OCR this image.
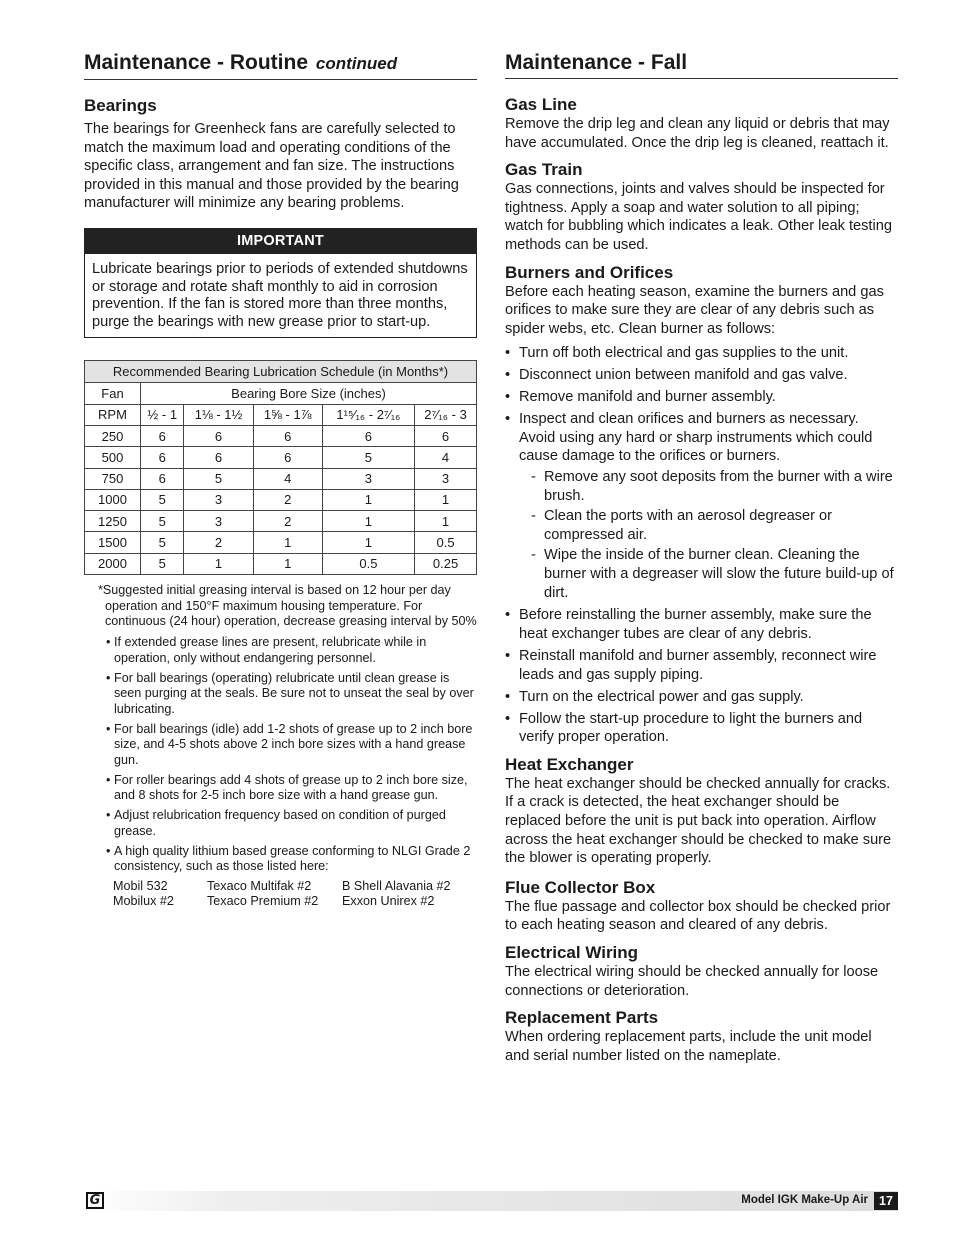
Maintenance - Routine continued
Bearings

The bearings for Greenheck fans are carefully selected to match the maximum load and operating conditions of the specific class, arrangement and fan size. The instructions provided in this manual and those provided by the bearing manufacturer will minimize any bearing problems.

IMPORTANT
Lubricate bearings prior to periods of extended shutdowns or storage and rotate shaft monthly to aid in corrosion prevention. If the fan is stored more than three months, purge the bearings with new grease prior to start-up.
Recommended Bearing Lubrication Schedule (in Months*)					
Fan	Bearing Bore Size (inches)				
RPM	½ - 1	1⅛ - 1½	1⅝ - 1⅞	1¹⁵⁄₁₆ - 2⁷⁄₁₆	2⁷⁄₁₆ - 3
250	6	6	6	6	6
500	6	6	6	5	4
750	6	5	4	3	3
1000	5	3	2	1	1
1250	5	3	2	1	1
1500	5	2	1	1	0.5
2000	5	1	1	0.5	0.25
*Suggested initial greasing interval is based on 12 hour per day operation and 150°F maximum housing temperature. For continuous (24 hour) operation, decrease greasing interval by 50%
• If extended grease lines are present, relubricate while in operation, only without endangering personnel.
• For ball bearings (operating) relubricate until clean grease is seen purging at the seals. Be sure not to unseat the seal by over lubricating.
• For ball bearings (idle) add 1-2 shots of grease up to 2 inch bore size, and 4-5 shots above 2 inch bore sizes with a hand grease gun.
• For roller bearings add 4 shots of grease up to 2 inch bore size, and 8 shots for 2-5 inch bore size with a hand grease gun.
• Adjust relubrication frequency based on condition of purged grease.
• A high quality lithium based grease conforming to NLGI Grade 2 consistency, such as those listed here:
Mobil 532	Texaco Multifak #2	B Shell Alavania #2
Mobilux #2	Texaco Premium #2	Exxon Unirex #2
Maintenance - Fall
Gas Line

Remove the drip leg and clean any liquid or debris that may have accumulated. Once the drip leg is cleaned, reattach it.

Gas Train

Gas connections, joints and valves should be inspected for tightness. Apply a soap and water solution to all piping; watch for bubbling which indicates a leak. Other leak testing methods can be used.

Burners and Orifices

Before each heating season, examine the burners and gas orifices to make sure they are clear of any debris such as spider webs, etc. Clean burner as follows:

• Turn off both electrical and gas supplies to the unit.
• Disconnect union between manifold and gas valve.
• Remove manifold and burner assembly.
• Inspect and clean orifices and burners as necessary. Avoid using any hard or sharp instruments which could cause damage to the orifices or burners.
- Remove any soot deposits from the burner with a wire brush.
- Clean the ports with an aerosol degreaser or compressed air.
- Wipe the inside of the burner clean. Cleaning the burner with a degreaser will slow the future build-up of dirt.
• Before reinstalling the burner assembly, make sure the heat exchanger tubes are clear of any debris.
• Reinstall manifold and burner assembly, reconnect wire leads and gas supply piping.
• Turn on the electrical power and gas supply.
• Follow the start-up procedure to light the burners and verify proper operation.
Heat Exchanger

The heat exchanger should be checked annually for cracks. If a crack is detected, the heat exchanger should be replaced before the unit is put back into operation. Airflow across the heat exchanger should be checked to make sure the blower is operating properly.

Flue Collector Box

The flue passage and collector box should be checked prior to each heating season and cleared of any debris.

Electrical Wiring

The electrical wiring should be checked annually for loose connections or deterioration.

Replacement Parts

When ordering replacement parts, include the unit model and serial number listed on the nameplate.

G	Model IGK Make-Up Air 17
